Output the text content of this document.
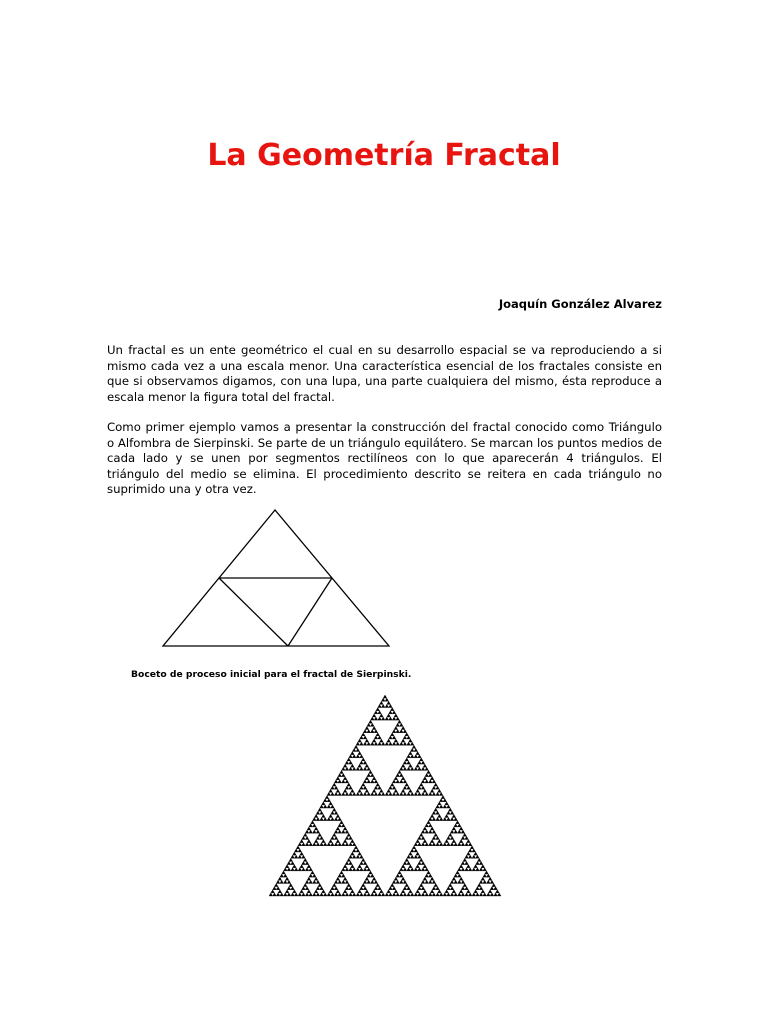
La Geometría Fractal

Joaquín González Alvarez

Un fractal es un ente geométrico el cual en su desarrollo espacial se va reproduciendo a si mismo cada vez a una escala menor. Una característica esencial de los fractales consiste en que si observamos digamos, con una lupa, una parte cualquiera del mismo, ésta reproduce a escala menor la figura total del fractal.

Como primer ejemplo vamos a presentar la construcción del fractal conocido como Triángulo o Alfombra de Sierpinski. Se parte de un triángulo equilátero. Se marcan los puntos medios de cada lado y se unen por segmentos rectilíneos con lo que aparecerán 4 triángulos. El triángulo del medio se elimina. El procedimiento descrito se reitera en cada triángulo no suprimido una y otra vez.

Boceto de proceso inicial para el fractal de Sierpinski.
